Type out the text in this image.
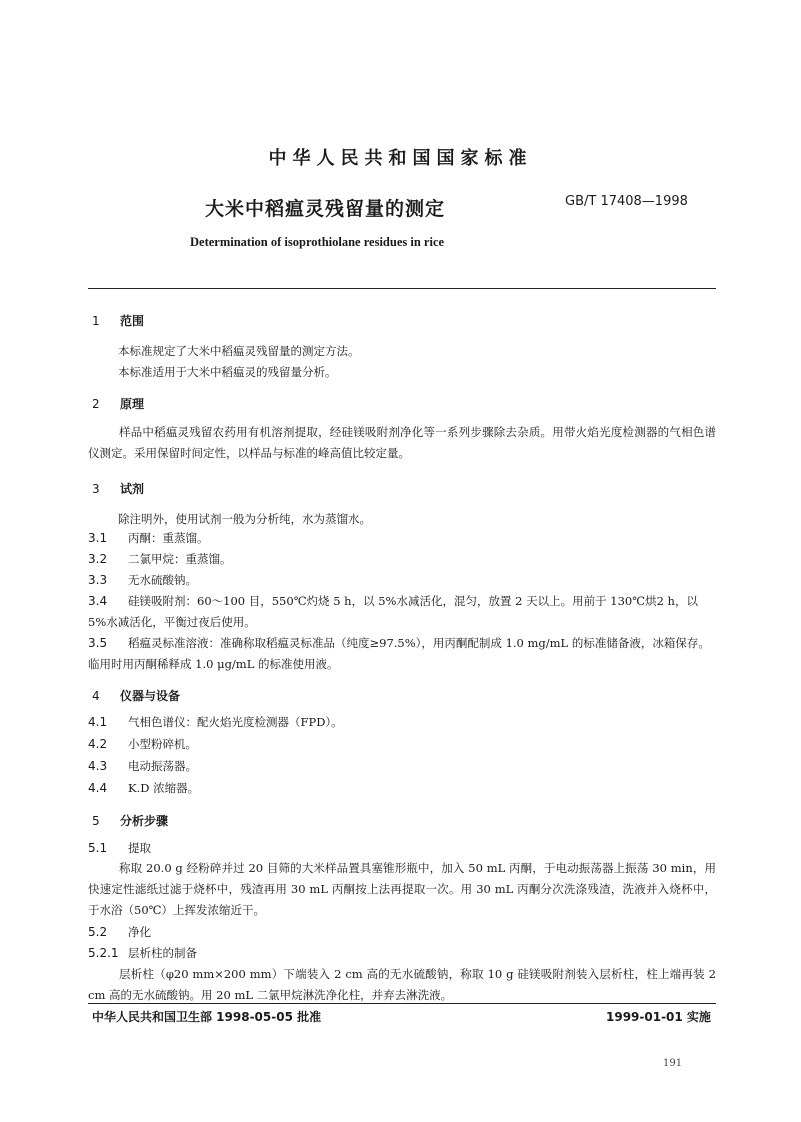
中华人民共和国国家标准
大米中稻瘟灵残留量的测定	GB/T 17408—1998
Determination of isoprothiolane residues in rice
1 范围
本标准规定了大米中稻瘟灵残留量的测定方法。
本标准适用于大米中稻瘟灵的残留量分析。
2 原理
样品中稻瘟灵残留农药用有机溶剂提取，经硅镁吸附剂净化等一系列步骤除去杂质。用带火焰光度检测器的气相色谱仪测定。采用保留时间定性，以样品与标准的峰高值比较定量。
3 试剂
除注明外，使用试剂一般为分析纯，水为蒸馏水。
3.1 丙酮：重蒸馏。
3.2 二氯甲烷：重蒸馏。
3.3 无水硫酸钠。
3.4 硅镁吸附剂：60～100 目，550℃灼烧 5 h，以 5%水减活化，混匀，放置 2 天以上。用前于 130℃烘2 h，以 5%水减活化，平衡过夜后使用。
3.5 稻瘟灵标准溶液：准确称取稻瘟灵标准品（纯度≥97.5%），用丙酮配制成 1.0 mg/mL 的标准储备液，冰箱保存。临用时用丙酮稀释成 1.0 μg/mL 的标准使用液。
4 仪器与设备
4.1 气相色谱仪：配火焰光度检测器（FPD）。
4.2 小型粉碎机。
4.3 电动振荡器。
4.4 K.D 浓缩器。
5 分析步骤
5.1 提取
称取 20.0 g 经粉碎并过 20 目筛的大米样品置具塞锥形瓶中，加入 50 mL 丙酮，于电动振荡器上振荡 30 min，用快速定性滤纸过滤于烧杯中，残渣再用 30 mL 丙酮按上法再提取一次。用 30 mL 丙酮分次洗涤残渣，洗液并入烧杯中，于水浴（50℃）上挥发浓缩近干。
5.2 净化
5.2.1 层析柱的制备
层析柱（φ20 mm×200 mm）下端装入 2 cm 高的无水硫酸钠，称取 10 g 硅镁吸附剂装入层析柱，柱上端再装 2 cm 高的无水硫酸钠。用 20 mL 二氯甲烷淋洗净化柱，并弃去淋洗液。
中华人民共和国卫生部 1998-05-05 批准	1999-01-01 实施
191
